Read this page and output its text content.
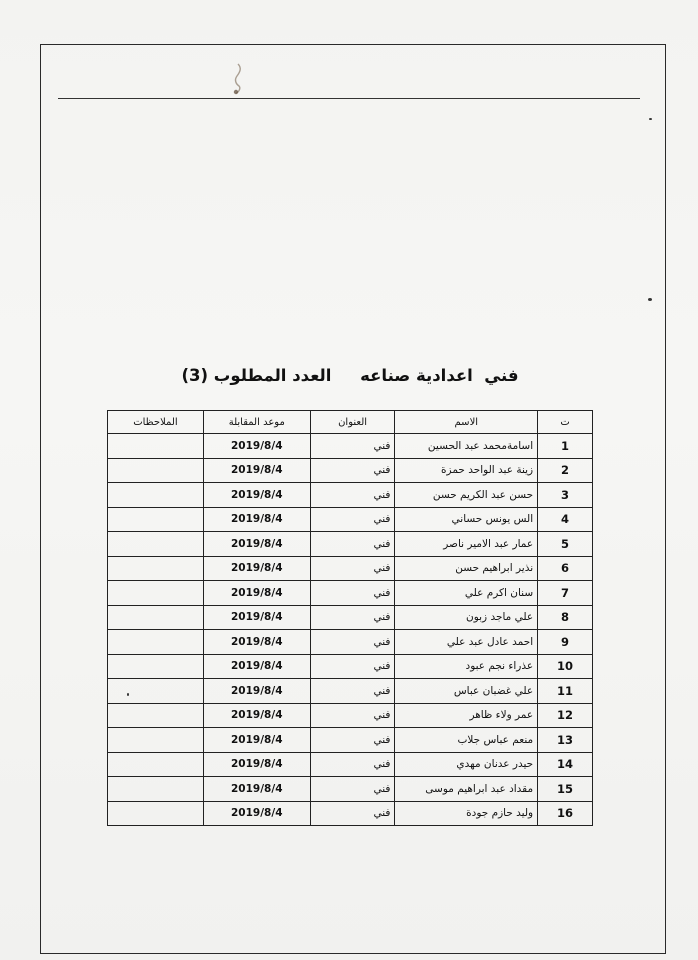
فني  اعدادية صناعه     العدد المطلوب (3)
ت	الاسم	العنوان	موعد المقابلة	الملاحظات
1	اسامةمحمد عبد الحسين	فني	2019/8/4	
2	زينة عبد الواحد حمزة	فني	2019/8/4	
3	حسن عبد الكريم حسن	فني	2019/8/4	
4	الس يونس حساني	فني	2019/8/4	
5	عمار عبد الامير ناصر	فني	2019/8/4	
6	نذير ابراهيم حسن	فني	2019/8/4	
7	سنان اكرم علي	فني	2019/8/4	
8	علي ماجد زبون	فني	2019/8/4	
9	احمد عادل عبد علي	فني	2019/8/4	
10	عذراء نجم عبود	فني	2019/8/4	
11	علي غضبان عباس	فني	2019/8/4	
12	عمر ولاء ظاهر	فني	2019/8/4	
13	منعم عباس جلاب	فني	2019/8/4	
14	حيدر عدنان مهدي	فني	2019/8/4	
15	مقداد عبد ابراهيم موسى	فني	2019/8/4	
16	وليد حازم جودة	فني	2019/8/4	
